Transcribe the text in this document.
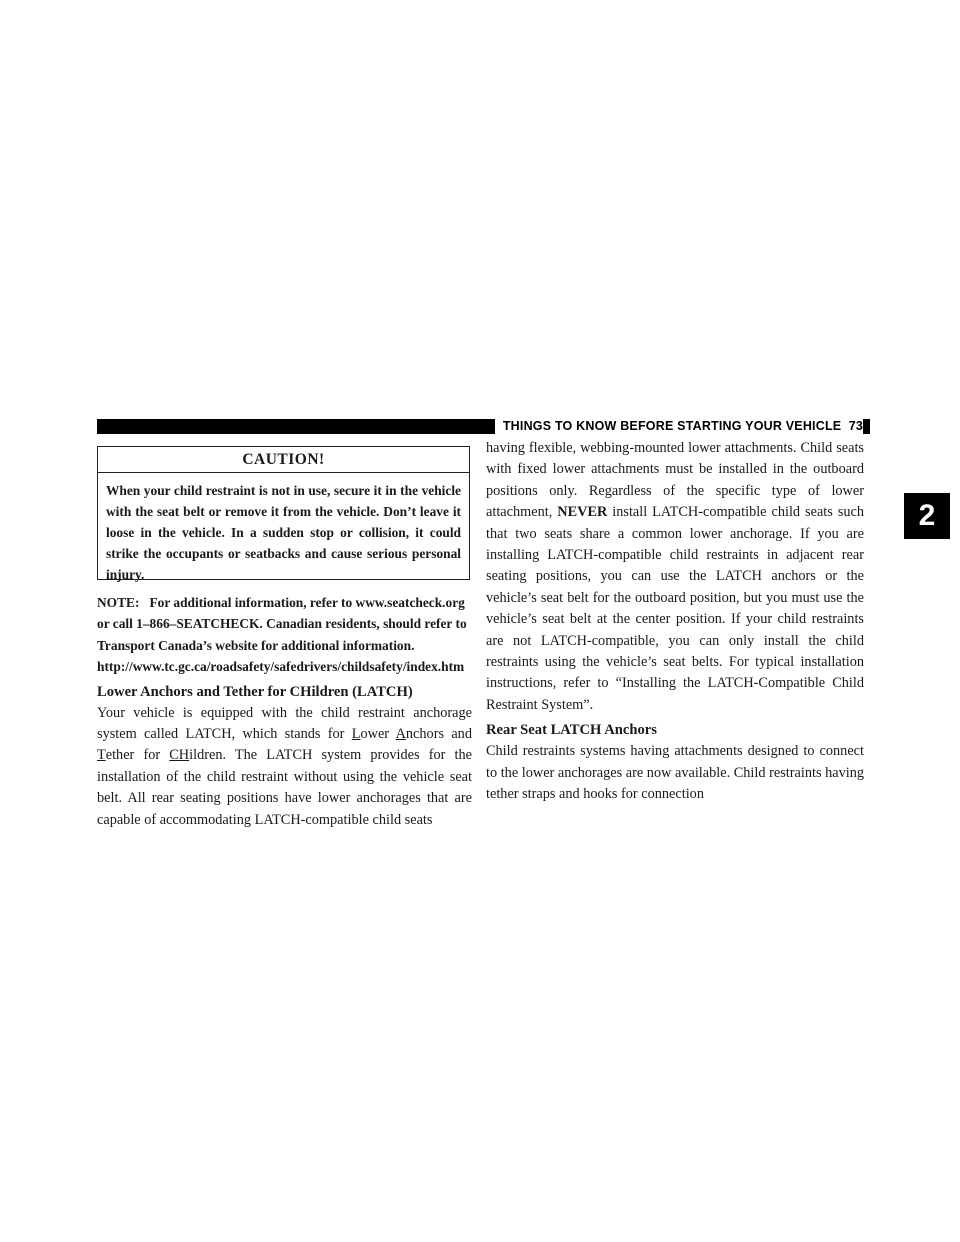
THINGS TO KNOW BEFORE STARTING YOUR VEHICLE 73
2
CAUTION!
When your child restraint is not in use, secure it in the vehicle with the seat belt or remove it from the vehicle. Don’t leave it loose in the vehicle. In a sudden stop or collision, it could strike the occupants or seatbacks and cause serious personal injury.

NOTE: For additional information, refer to www.seatcheck.org or call 1–866–SEATCHECK. Canadian residents, should refer to Transport Canada’s website for additional information. http://www.tc.gc.ca/roadsafety/safedrivers/childsafety/index.htm

Lower Anchors and Tether for CHildren (LATCH)

Your vehicle is equipped with the child restraint anchorage system called LATCH, which stands for Lower Anchors and Tether for CHildren. The LATCH system provides for the installation of the child restraint without using the vehicle seat belt. All rear seating positions have lower anchorages that are capable of accommodating LATCH-compatible child seats

having flexible, webbing-mounted lower attachments. Child seats with fixed lower attachments must be installed in the outboard positions only. Regardless of the specific type of lower attachment, NEVER install LATCH-compatible child seats such that two seats share a common lower anchorage. If you are installing LATCH-compatible child restraints in adjacent rear seating positions, you can use the LATCH anchors or the vehicle’s seat belt for the outboard position, but you must use the vehicle’s seat belt at the center position. If your child restraints are not LATCH-compatible, you can only install the child restraints using the vehicle’s seat belts. For typical installation instructions, refer to “Installing the LATCH-Compatible Child Restraint System”.

Rear Seat LATCH Anchors

Child restraints systems having attachments designed to connect to the lower anchorages are now available. Child restraints having tether straps and hooks for connection
